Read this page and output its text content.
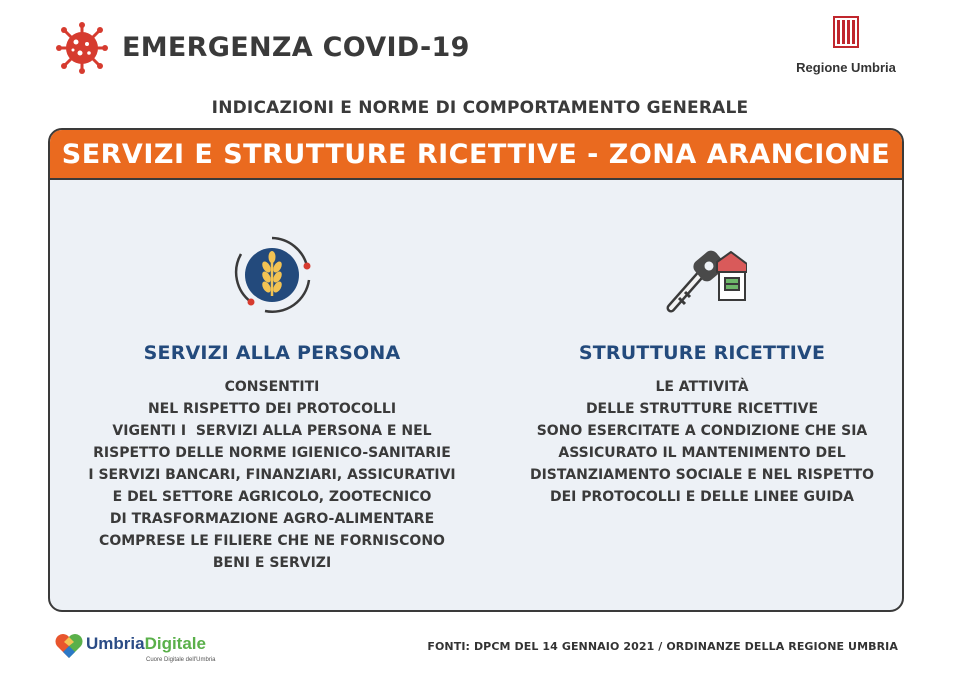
EMERGENZA COVID-19
Regione Umbria
INDICAZIONI E NORME DI COMPORTAMENTO GENERALE
SERVIZI E STRUTTURE RICETTIVE - ZONA ARANCIONE
SERVIZI ALLA PERSONA
CONSENTITI
NEL RISPETTO DEI PROTOCOLLI
VIGENTI I  SERVIZI ALLA PERSONA E NEL
RISPETTO DELLE NORME IGIENICO-SANITARIE
I SERVIZI BANCARI, FINANZIARI, ASSICURATIVI
E DEL SETTORE AGRICOLO, ZOOTECNICO
DI TRASFORMAZIONE AGRO-ALIMENTARE
COMPRESE LE FILIERE CHE NE FORNISCONO
BENI E SERVIZI
STRUTTURE RICETTIVE
LE ATTIVITÀ
DELLE STRUTTURE RICETTIVE
SONO ESERCITATE A CONDIZIONE CHE SIA
ASSICURATO IL MANTENIMENTO DEL
DISTANZIAMENTO SOCIALE E NEL RISPETTO
DEI PROTOCOLLI E DELLE LINEE GUIDA
UmbriaDigitale
Cuore Digitale dell'Umbria
FONTI: DPCM DEL 14 GENNAIO 2021 / ORDINANZE DELLA REGIONE UMBRIA
